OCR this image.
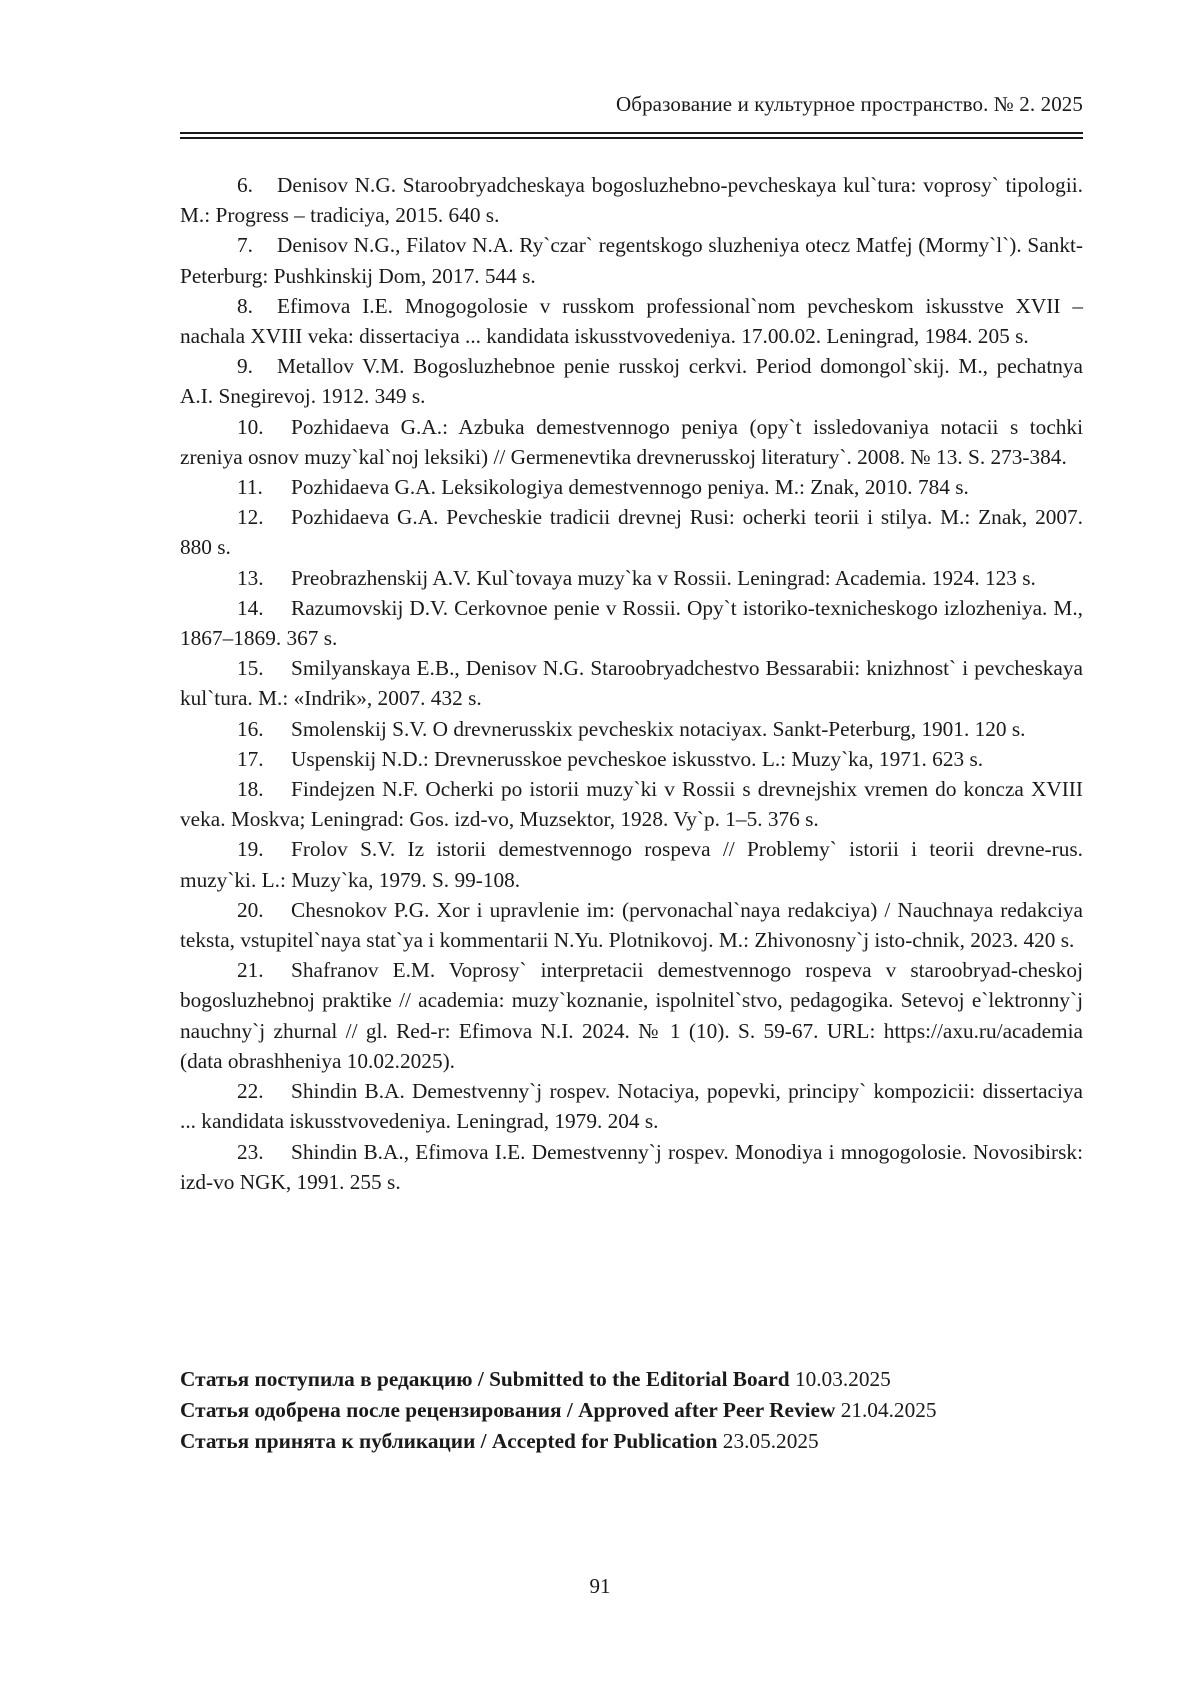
Образование и культурное пространство. № 2. 2025
6. Denisov N.G. Staroobryadcheskaya bogosluzhebno-pevcheskaya kul`tura: voprosy` tipologii. M.: Progress – tradiciya, 2015. 640 s.
7. Denisov N.G., Filatov N.A. Ry`czar` regentskogo sluzheniya otecz Matfej (Mormy`l`). Sankt-Peterburg: Pushkinskij Dom, 2017. 544 s.
8. Efimova I.E. Mnogogolosie v russkom professional`nom pevcheskom iskusstve XVII – nachala XVIII veka: dissertaciya ... kandidata iskusstvovedeniya. 17.00.02. Leningrad, 1984. 205 s.
9. Metallov V.M. Bogosluzhebnoe penie russkoj cerkvi. Period domongol`skij. M., pechatnya A.I. Snegirevoj. 1912. 349 s.
10. Pozhidaeva G.A.: Azbuka demestvennogo peniya (opy`t issledovaniya notacii s tochki zreniya osnov muzy`kal`noj leksiki) // Germenevtika drevnerusskoj literatury`. 2008. № 13. S. 273-384.
11. Pozhidaeva G.A. Leksikologiya demestvennogo peniya. M.: Znak, 2010. 784 s.
12. Pozhidaeva G.A. Pevcheskie tradicii drevnej Rusi: ocherki teorii i stilya. M.: Znak, 2007. 880 s.
13. Preobrazhenskij A.V. Kul`tovaya muzy`ka v Rossii. Leningrad: Academia. 1924. 123 s.
14. Razumovskij D.V. Cerkovnoe penie v Rossii. Opy`t istoriko-texnicheskogo izlozheniya. M., 1867–1869. 367 s.
15. Smilyanskaya E.B., Denisov N.G. Staroobryadchestvo Bessarabii: knizhnost` i pevcheskaya kul`tura. M.: «Indrik», 2007. 432 s.
16. Smolenskij S.V. O drevnerusskix pevcheskix notaciyax. Sankt-Peterburg, 1901. 120 s.
17. Uspenskij N.D.: Drevnerusskoe pevcheskoe iskusstvo. L.: Muzy`ka, 1971. 623 s.
18. Findejzen N.F. Ocherki po istorii muzy`ki v Rossii s drevnejshix vremen do koncza XVIII veka. Moskva; Leningrad: Gos. izd-vo, Muzsektor, 1928. Vy`p. 1–5. 376 s.
19. Frolov S.V. Iz istorii demestvennogo rospeva // Problemy` istorii i teorii drevne-rus. muzy`ki. L.: Muzy`ka, 1979. S. 99-108.
20. Chesnokov P.G. Xor i upravlenie im: (pervonachal`naya redakciya) / Nauchnaya redakciya teksta, vstupitel`naya stat`ya i kommentarii N.Yu. Plotnikovoj. M.: Zhivonosny`j isto-chnik, 2023. 420 s.
21. Shafranov E.M. Voprosy` interpretacii demestvennogo rospeva v staroobryad-cheskoj bogosluzhebnoj praktike // academia: muzy`koznanie, ispolnitel`stvo, pedagogika. Setevoj e`lektronny`j nauchny`j zhurnal // gl. Red-r: Efimova N.I. 2024. № 1 (10). S. 59-67. URL: https://axu.ru/academia (data obrashheniya 10.02.2025).
22. Shindin B.A. Demestvenny`j rospev. Notaciya, popevki, principy` kompozicii: dissertaciya ... kandidata iskusstvovedeniya. Leningrad, 1979. 204 s.
23. Shindin B.A., Efimova I.E. Demestvenny`j rospev. Monodiya i mnogogolosie. Novosibirsk: izd-vo NGK, 1991. 255 s.
Статья поступила в редакцию / Submitted to the Editorial Board 10.03.2025
Статья одобрена после рецензирования / Approved after Peer Review 21.04.2025
Статья принята к публикации / Accepted for Publication 23.05.2025
91
